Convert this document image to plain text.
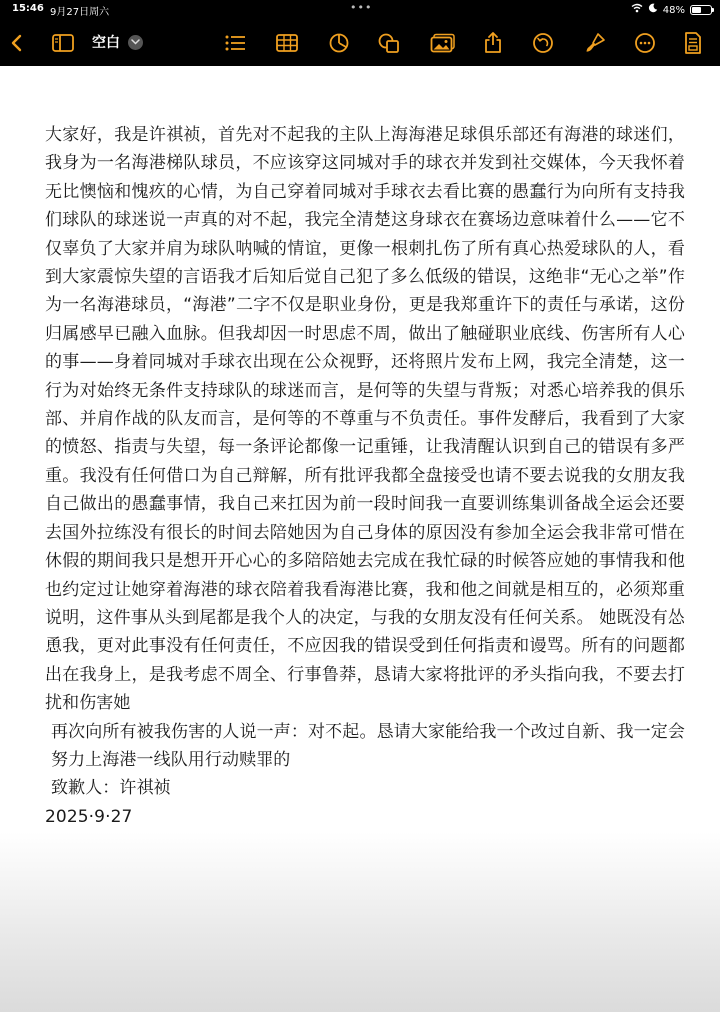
15:46 9月27日周六	•••	48%
空白

大家好，我是许祺祯，首先对不起我的主队上海海港足球俱乐部还有海港的球迷们，我身为一名海港梯队球员，不应该穿这同城对手的球衣并发到社交媒体，今天我怀着无比懊恼和愧疚的心情，为自己穿着同城对手球衣去看比赛的愚蠢行为向所有支持我们球队的球迷说一声真的对不起，我完全清楚这身球衣在赛场边意味着什么——它不仅辜负了大家并肩为球队呐喊的情谊，更像一根刺扎伤了所有真心热爱球队的人，看到大家震惊失望的言语我才后知后觉自己犯了多么低级的错误，这绝非“无心之举”作为一名海港球员，“海港”二字不仅是职业身份，更是我郑重许下的责任与承诺，这份归属感早已融入血脉。但我却因一时思虑不周，做出了触碰职业底线、伤害所有人心的事——身着同城对手球衣出现在公众视野，还将照片发布上网，我完全清楚，这一行为对始终无条件支持球队的球迷而言，是何等的失望与背叛；对悉心培养我的俱乐部、并肩作战的队友而言，是何等的不尊重与不负责任。事件发酵后，我看到了大家的愤怒、指责与失望，每一条评论都像一记重锤，让我清醒认识到自己的错误有多严重。我没有任何借口为自己辩解，所有批评我都全盘接受也请不要去说我的女朋友我自己做出的愚蠢事情，我自己来扛因为前一段时间我一直要训练集训备战全运会还要去国外拉练没有很长的时间去陪她因为自己身体的原因没有参加全运会我非常可惜在休假的期间我只是想开开心心的多陪陪她去完成在我忙碌的时候答应她的事情我和他也约定过让她穿着海港的球衣陪着我看海港比赛，我和他之间就是相互的，必须郑重说明，这件事从头到尾都是我个人的决定，与我的女朋友没有任何关系。 她既没有怂恿我，更对此事没有任何责任，不应因我的错误受到任何指责和谩骂。所有的问题都出在我身上，是我考虑不周全、行事鲁莽，恳请大家将批评的矛头指向我，不要去打扰和伤害她

再次向所有被我伤害的人说一声：对不起。恳请大家能给我一个改过自新、我一定会努力上海港一线队用行动赎罪的

致歉人：许祺祯

2025·9·27
